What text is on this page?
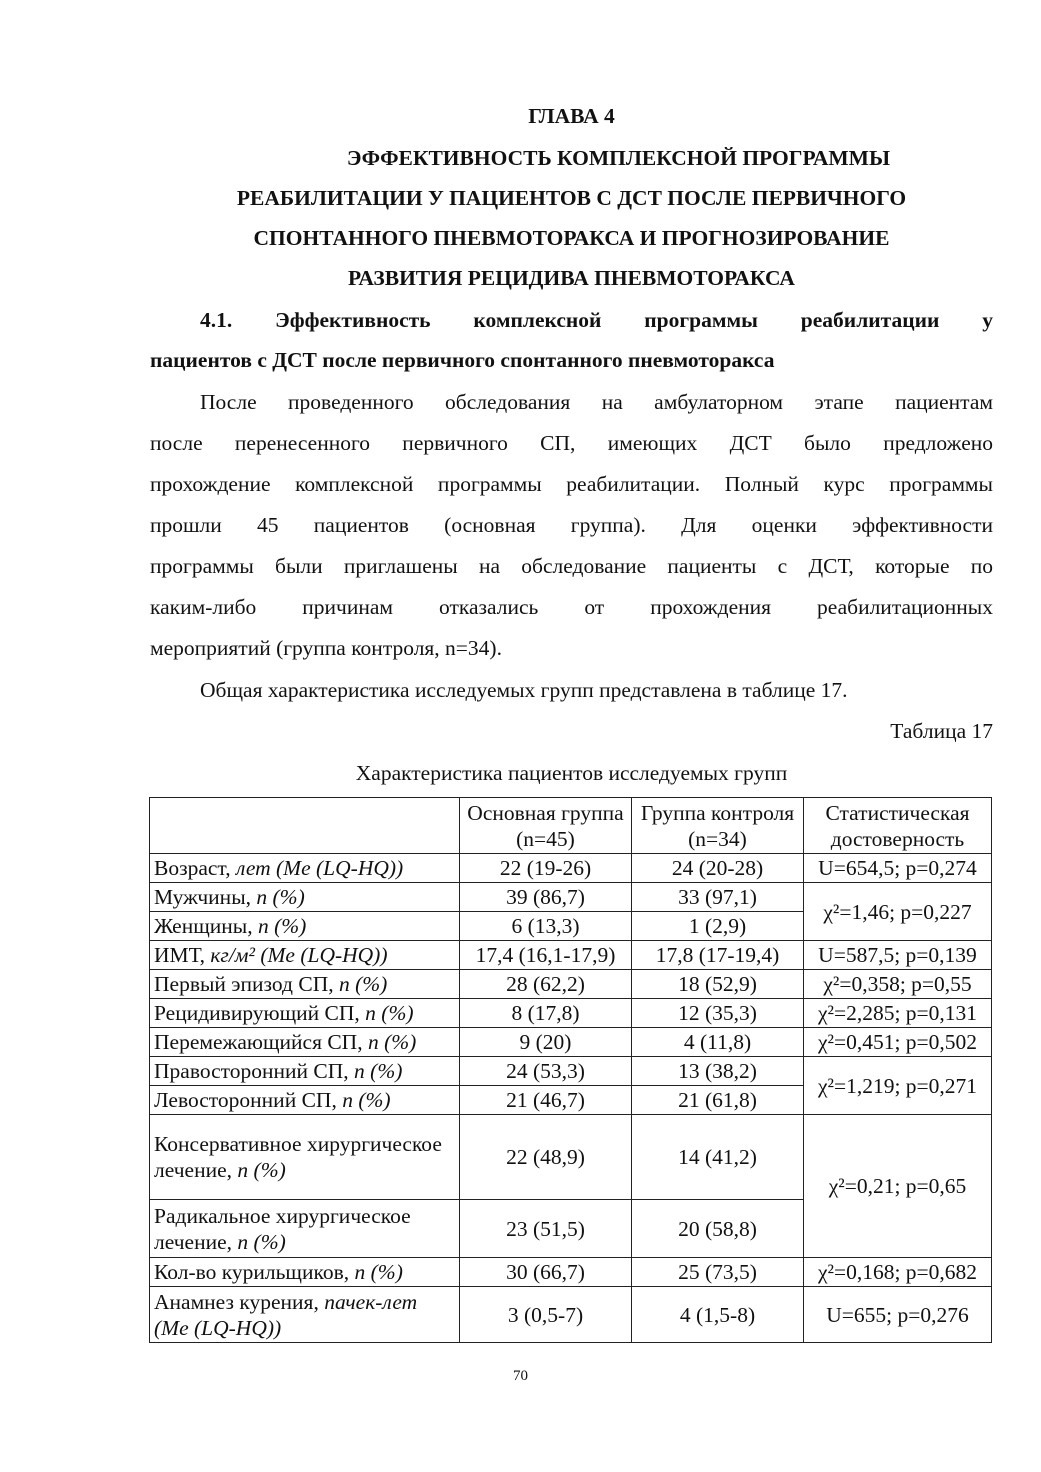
ГЛАВА 4
ЭФФЕКТИВНОСТЬ КОМПЛЕКСНОЙ ПРОГРАММЫ
РЕАБИЛИТАЦИИ У ПАЦИЕНТОВ С ДСТ ПОСЛЕ ПЕРВИЧНОГО
СПОНТАННОГО ПНЕВМОТОРАКСА И ПРОГНОЗИРОВАНИЕ
РАЗВИТИЯ РЕЦИДИВА ПНЕВМОТОРАКСА
4.1. Эффективность комплексной программы реабилитации у
пациентов с ДСТ после первичного спонтанного пневмоторакса
После проведенного обследования на амбулаторном этапе пациентам
после перенесенного первичного СП, имеющих ДСТ было предложено
прохождение комплексной программы реабилитации. Полный курс программы
прошли 45 пациентов (основная группа). Для оценки эффективности
программы были приглашены на обследование пациенты с ДСТ, которые по
каким-либо причинам отказались от прохождения реабилитационных
мероприятий (группа контроля, n=34).
Общая характеристика исследуемых групп представлена в таблице 17.
Таблица 17
Характеристика пациентов исследуемых групп
	Основная группа (n=45)	Группа контроля (n=34)	Статистическая достоверность
Возраст, лет (Me (LQ-HQ))	22 (19-26)	24 (20-28)	U=654,5; p=0,274
Мужчины, n (%)	39 (86,7)	33 (97,1)	χ²=1,46; p=0,227
Женщины, n (%)	6 (13,3)	1 (2,9)	
ИМТ, кг/м² (Me (LQ-HQ))	17,4 (16,1-17,9)	17,8 (17-19,4)	U=587,5; p=0,139
Первый эпизод СП, n (%)	28 (62,2)	18 (52,9)	χ²=0,358; p=0,55
Рецидивирующий СП, n (%)	8 (17,8)	12 (35,3)	χ²=2,285; p=0,131
Перемежающийся СП, n (%)	9 (20)	4 (11,8)	χ²=0,451; p=0,502
Правосторонний СП, n (%)	24 (53,3)	13 (38,2)	χ²=1,219; p=0,271
Левосторонний СП, n (%)	21 (46,7)	21 (61,8)	
Консервативное хирургическое лечение, n (%)	22 (48,9)	14 (41,2)	χ²=0,21; p=0,65
Радикальное хирургическое лечение, n (%)	23 (51,5)	20 (58,8)	
Кол-во курильщиков, n (%)	30 (66,7)	25 (73,5)	χ²=0,168; p=0,682
Анамнез курения, пачек-лет (Me (LQ-HQ))	3 (0,5-7)	4 (1,5-8)	U=655; p=0,276
70
